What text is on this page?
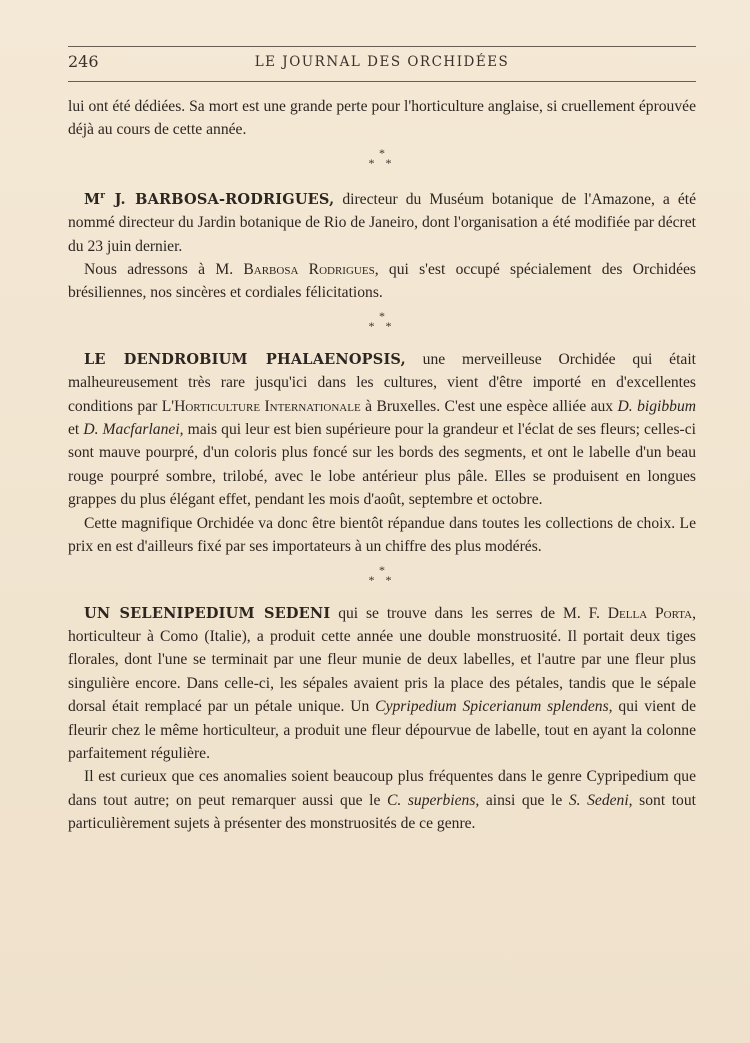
246	LE JOURNAL DES ORCHIDÉES

lui ont été dédiées. Sa mort est une grande perte pour l'horticulture anglaise, si cruellement éprouvée déjà au cours de cette année.

*
* *

$M^r$ J. BARBOSA-RODRIGUES, directeur du Muséum botanique de l'Amazone, a été nommé directeur du Jardin botanique de Rio de Janeiro, dont l'organisation a été modifiée par décret du 23 juin dernier.

Nous adressons à M. Barbosa Rodrigues, qui s'est occupé spécialement des Orchidées brésiliennes, nos sincères et cordiales félicitations.

*
* *

LE DENDROBIUM PHALAENOPSIS, une merveilleuse Orchidée qui était malheureusement très rare jusqu'ici dans les cultures, vient d'être importé en d'excellentes conditions par L'Horticulture Internationale à Bruxelles. C'est une espèce alliée aux D. bigibbum et D. Macfarlanei, mais qui leur est bien supérieure pour la grandeur et l'éclat de ses fleurs; celles-ci sont mauve pourpré, d'un coloris plus foncé sur les bords des segments, et ont le labelle d'un beau rouge pourpré sombre, trilobé, avec le lobe antérieur plus pâle. Elles se produisent en longues grappes du plus élégant effet, pendant les mois d'août, septembre et octobre.

Cette magnifique Orchidée va donc être bientôt répandue dans toutes les collections de choix. Le prix en est d'ailleurs fixé par ses importateurs à un chiffre des plus modérés.

*
* *

UN SELENIPEDIUM SEDENI qui se trouve dans les serres de M. F. Della Porta, horticulteur à Como (Italie), a produit cette année une double monstruosité. Il portait deux tiges florales, dont l'une se terminait par une fleur munie de deux labelles, et l'autre par une fleur plus singulière encore. Dans celle-ci, les sépales avaient pris la place des pétales, tandis que le sépale dorsal était remplacé par un pétale unique. Un Cypripedium Spicerianum splendens, qui vient de fleurir chez le même horticulteur, a produit une fleur dépourvue de labelle, tout en ayant la colonne parfaitement régulière.

Il est curieux que ces anomalies soient beaucoup plus fréquentes dans le genre Cypripedium que dans tout autre; on peut remarquer aussi que le C. superbiens, ainsi que le S. Sedeni, sont tout particulièrement sujets à présenter des monstruosités de ce genre.
